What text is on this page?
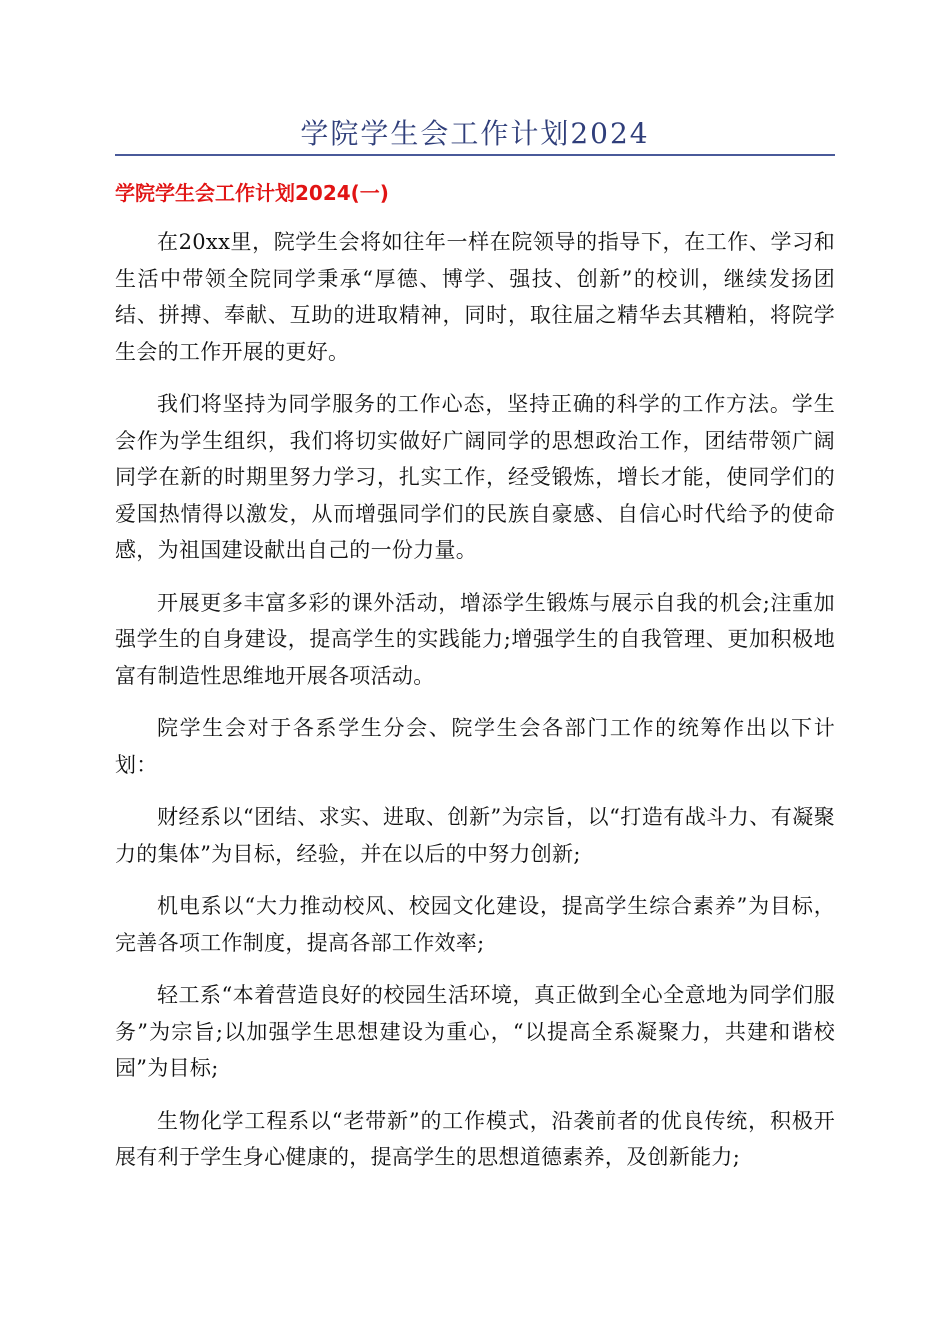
学院学生会工作计划2024
学院学生会工作计划2024(一)

在20xx里，院学生会将如往年一样在院领导的指导下，在工作、学习和生活中带领全院同学秉承“厚德、博学、强技、创新”的校训，继续发扬团结、拼搏、奉献、互助的进取精神，同时，取往届之精华去其糟粕，将院学生会的工作开展的更好。

我们将坚持为同学服务的工作心态，坚持正确的科学的工作方法。学生会作为学生组织，我们将切实做好广阔同学的思想政治工作，团结带领广阔同学在新的时期里努力学习，扎实工作，经受锻炼，增长才能，使同学们的爱国热情得以激发，从而增强同学们的民族自豪感、自信心时代给予的使命感，为祖国建设献出自己的一份力量。

开展更多丰富多彩的课外活动，增添学生锻炼与展示自我的机会;注重加强学生的自身建设，提高学生的实践能力;增强学生的自我管理、更加积极地富有制造性思维地开展各项活动。

院学生会对于各系学生分会、院学生会各部门工作的统筹作出以下计划：

财经系以“团结、求实、进取、创新”为宗旨，以“打造有战斗力、有凝聚力的集体”为目标，经验，并在以后的中努力创新;

机电系以“大力推动校风、校园文化建设，提高学生综合素养”为目标，完善各项工作制度，提高各部工作效率;

轻工系“本着营造良好的校园生活环境，真正做到全心全意地为同学们服务”为宗旨;以加强学生思想建设为重心，“以提高全系凝聚力，共建和谐校园”为目标;

生物化学工程系以“老带新”的工作模式，沿袭前者的优良传统，积极开展有利于学生身心健康的，提高学生的思想道德素养，及创新能力;
